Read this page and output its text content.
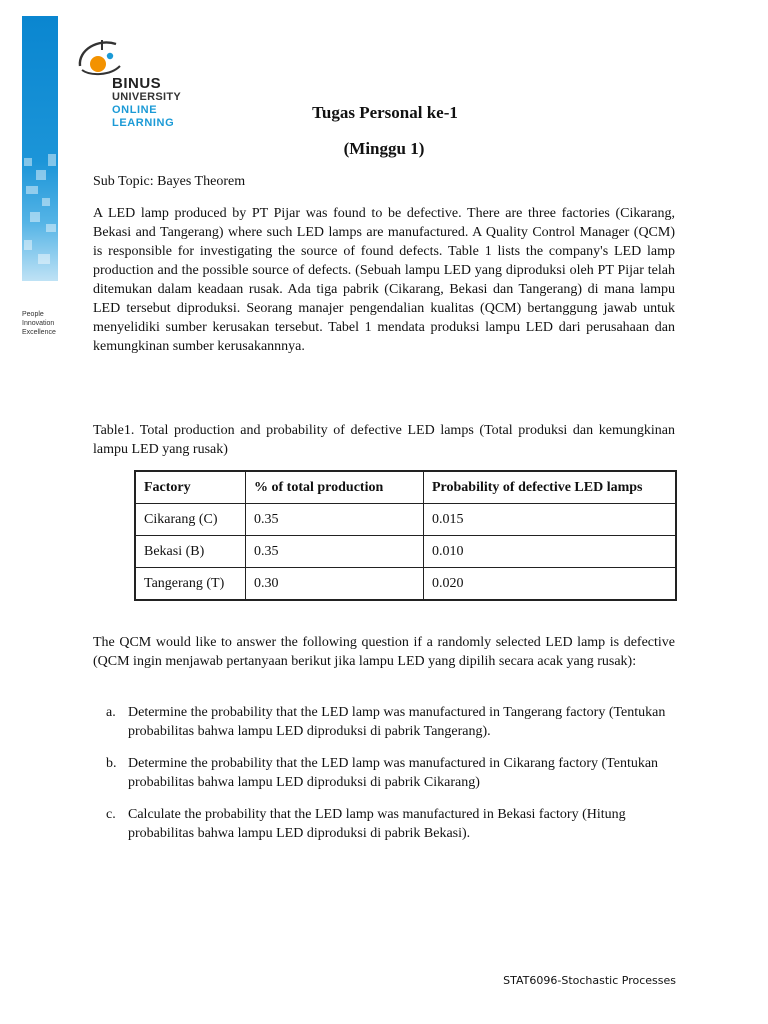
People
Innovation
Excellence
BINUS
UNIVERSITY
ONLINE
LEARNING
Tugas Personal ke-1
(Minggu 1)
Sub Topic: Bayes Theorem
A LED lamp produced by PT Pijar was found to be defective. There are three factories (Cikarang, Bekasi and Tangerang) where such LED lamps are manufactured. A Quality Control Manager (QCM) is responsible for investigating the source of found defects. Table 1 lists the company's LED lamp production and the possible source of defects. (Sebuah lampu LED yang diproduksi oleh PT Pijar telah ditemukan dalam keadaan rusak. Ada tiga pabrik (Cikarang, Bekasi dan Tangerang) di mana lampu LED tersebut diproduksi. Seorang manajer pengendalian kualitas (QCM) bertanggung jawab untuk menyelidiki sumber kerusakan tersebut. Tabel 1 mendata produksi lampu LED dari perusahaan dan kemungkinan sumber kerusakannnya.
Table1. Total production and probability of defective LED lamps (Total produksi dan kemungkinan lampu LED yang rusak)
Factory	% of total production	Probability of defective LED lamps
Cikarang (C)	0.35	0.015
Bekasi (B)	0.35	0.010
Tangerang (T)	0.30	0.020
The QCM would like to answer the following question if a randomly selected LED lamp is defective (QCM ingin menjawab pertanyaan berikut jika lampu LED yang dipilih secara acak yang rusak):
a. Determine the probability that the LED lamp was manufactured in Tangerang factory (Tentukan probabilitas bahwa lampu LED diproduksi di pabrik Tangerang).
b. Determine the probability that the LED lamp was manufactured in Cikarang factory (Tentukan probabilitas bahwa lampu LED diproduksi di pabrik Cikarang)
c. Calculate the probability that the LED lamp was manufactured in Bekasi factory (Hitung probabilitas bahwa lampu LED diproduksi di pabrik Bekasi).
STAT6096-Stochastic Processes
